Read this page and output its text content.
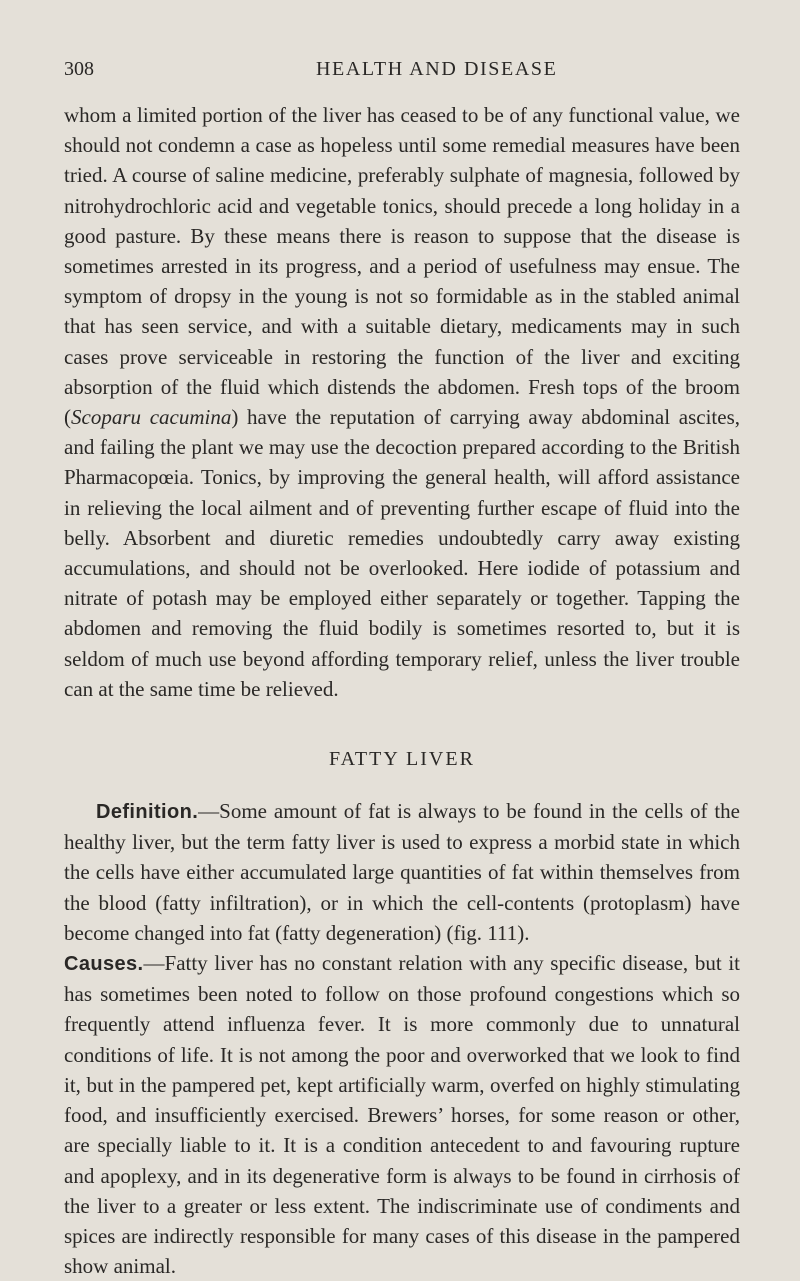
308	HEALTH AND DISEASE

whom a limited portion of the liver has ceased to be of any functional value, we should not condemn a case as hopeless until some remedial measures have been tried. A course of saline medicine, preferably sulphate of magnesia, followed by nitrohydrochloric acid and vegetable tonics, should precede a long holiday in a good pasture. By these means there is reason to suppose that the disease is sometimes arrested in its progress, and a period of usefulness may ensue. The symptom of dropsy in the young is not so formidable as in the stabled animal that has seen service, and with a suitable dietary, medicaments may in such cases prove serviceable in restoring the function of the liver and exciting absorption of the fluid which distends the abdomen. Fresh tops of the broom (Scoparu cacumina) have the reputation of carrying away abdominal ascites, and failing the plant we may use the decoction prepared according to the British Pharmacopœia. Tonics, by improving the general health, will afford assistance in relieving the local ailment and of preventing further escape of fluid into the belly. Absorbent and diuretic remedies undoubtedly carry away existing accumulations, and should not be overlooked. Here iodide of potassium and nitrate of potash may be employed either separately or together. Tapping the abdomen and removing the fluid bodily is sometimes resorted to, but it is seldom of much use beyond affording temporary relief, unless the liver trouble can at the same time be relieved.

FATTY LIVER

Definition.—Some amount of fat is always to be found in the cells of the healthy liver, but the term fatty liver is used to express a morbid state in which the cells have either accumulated large quantities of fat within themselves from the blood (fatty infiltration), or in which the cell-contents (protoplasm) have become changed into fat (fatty degeneration) (fig. 111).

Causes.—Fatty liver has no constant relation with any specific disease, but it has sometimes been noted to follow on those profound congestions which so frequently attend influenza fever. It is more commonly due to unnatural conditions of life. It is not among the poor and overworked that we look to find it, but in the pampered pet, kept artificially warm, overfed on highly stimulating food, and insufficiently exercised. Brewers’ horses, for some reason or other, are specially liable to it. It is a condition antecedent to and favouring rupture and apoplexy, and in its degenerative form is always to be found in cirrhosis of the liver to a greater or less extent. The indiscriminate use of condiments and spices are indirectly responsible for many cases of this disease in the pampered show animal.
